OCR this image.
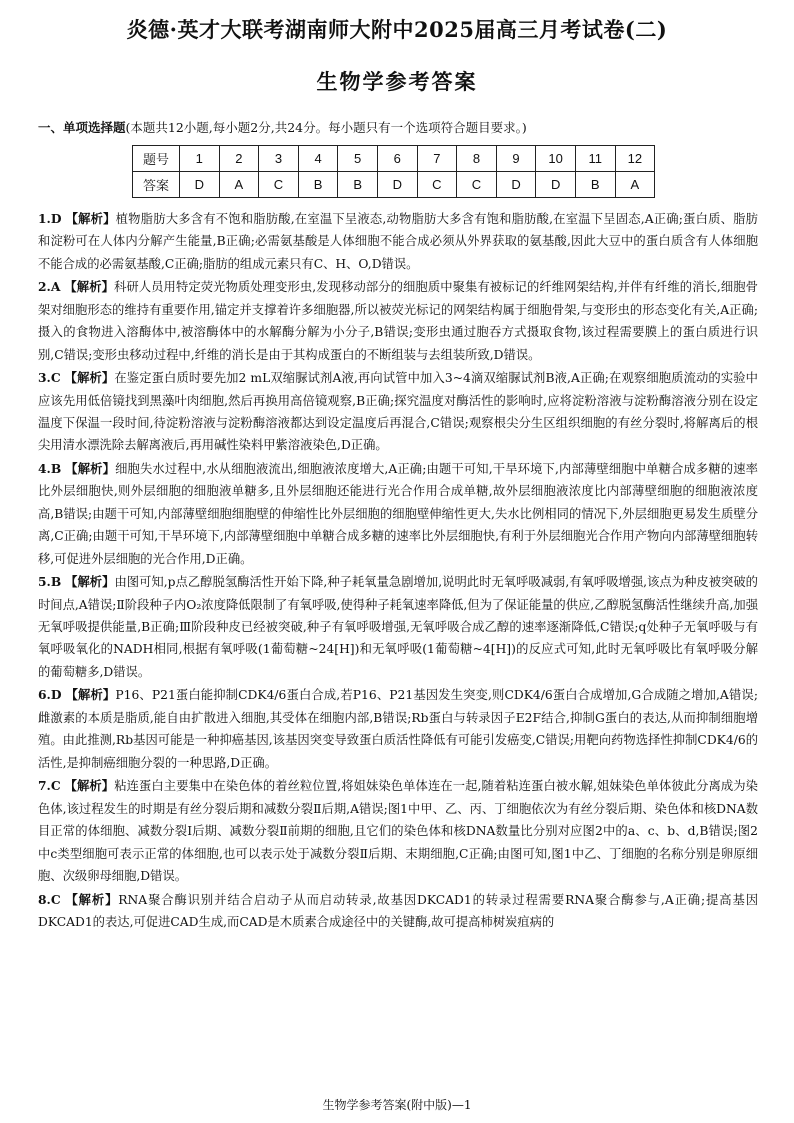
炎德·英才大联考湖南师大附中2025届高三月考试卷(二)
生物学参考答案
一、单项选择题(本题共12小题,每小题2分,共24分。每小题只有一个选项符合题目要求。)
题号	1	2	3	4	5	6	7	8	9	10	11	12
答案	D	A	C	B	B	D	C	C	D	D	B	A

1.D 【解析】植物脂肪大多含有不饱和脂肪酸,在室温下呈液态,动物脂肪大多含有饱和脂肪酸,在室温下呈固态,A正确;蛋白质、脂肪和淀粉可在人体内分解产生能量,B正确;必需氨基酸是人体细胞不能合成必须从外界获取的氨基酸,因此大豆中的蛋白质含有人体细胞不能合成的必需氨基酸,C正确;脂肪的组成元素只有C、H、O,D错误。

2.A 【解析】科研人员用特定荧光物质处理变形虫,发现移动部分的细胞质中聚集有被标记的纤维网架结构,并伴有纤维的消长,细胞骨架对细胞形态的维持有重要作用,锚定并支撑着许多细胞器,所以被荧光标记的网架结构属于细胞骨架,与变形虫的形态变化有关,A正确;摄入的食物进入溶酶体中,被溶酶体中的水解酶分解为小分子,B错误;变形虫通过胞吞方式摄取食物,该过程需要膜上的蛋白质进行识别,C错误;变形虫移动过程中,纤维的消长是由于其构成蛋白的不断组装与去组装所致,D错误。

3.C 【解析】在鉴定蛋白质时要先加2 mL双缩脲试剂A液,再向试管中加入3~4滴双缩脲试剂B液,A正确;在观察细胞质流动的实验中应该先用低倍镜找到黑藻叶肉细胞,然后再换用高倍镜观察,B正确;探究温度对酶活性的影响时,应将淀粉溶液与淀粉酶溶液分别在设定温度下保温一段时间,待淀粉溶液与淀粉酶溶液都达到设定温度后再混合,C错误;观察根尖分生区组织细胞的有丝分裂时,将解离后的根尖用清水漂洗除去解离液后,再用碱性染料甲紫溶液染色,D正确。

4.B 【解析】细胞失水过程中,水从细胞液流出,细胞液浓度增大,A正确;由题干可知,干旱环境下,内部薄壁细胞中单糖合成多糖的速率比外层细胞快,则外层细胞的细胞液单糖多,且外层细胞还能进行光合作用合成单糖,故外层细胞液浓度比内部薄壁细胞的细胞液浓度高,B错误;由题干可知,内部薄壁细胞细胞壁的伸缩性比外层细胞的细胞壁伸缩性更大,失水比例相同的情况下,外层细胞更易发生质壁分离,C正确;由题干可知,干旱环境下,内部薄壁细胞中单糖合成多糖的速率比外层细胞快,有利于外层细胞光合作用产物向内部薄壁细胞转移,可促进外层细胞的光合作用,D正确。

5.B 【解析】由图可知,p点乙醇脱氢酶活性开始下降,种子耗氧量急剧增加,说明此时无氧呼吸减弱,有氧呼吸增强,该点为种皮被突破的时间点,A错误;Ⅱ阶段种子内O₂浓度降低限制了有氧呼吸,使得种子耗氧速率降低,但为了保证能量的供应,乙醇脱氢酶活性继续升高,加强无氧呼吸提供能量,B正确;Ⅲ阶段种皮已经被突破,种子有氧呼吸增强,无氧呼吸合成乙醇的速率逐渐降低,C错误;q处种子无氧呼吸与有氧呼吸氧化的NADH相同,根据有氧呼吸(1葡萄糖~24[H])和无氧呼吸(1葡萄糖~4[H])的反应式可知,此时无氧呼吸比有氧呼吸分解的葡萄糖多,D错误。

6.D 【解析】P16、P21蛋白能抑制CDK4/6蛋白合成,若P16、P21基因发生突变,则CDK4/6蛋白合成增加,G合成随之增加,A错误;雌激素的本质是脂质,能自由扩散进入细胞,其受体在细胞内部,B错误;Rb蛋白与转录因子E2F结合,抑制G蛋白的表达,从而抑制细胞增殖。由此推测,Rb基因可能是一种抑癌基因,该基因突变导致蛋白质活性降低有可能引发癌变,C错误;用靶向药物选择性抑制CDK4/6的活性,是抑制癌细胞分裂的一种思路,D正确。

7.C 【解析】粘连蛋白主要集中在染色体的着丝粒位置,将姐妹染色单体连在一起,随着粘连蛋白被水解,姐妹染色单体彼此分离成为染色体,该过程发生的时期是有丝分裂后期和减数分裂Ⅱ后期,A错误;图1中甲、乙、丙、丁细胞依次为有丝分裂后期、染色体和核DNA数目正常的体细胞、减数分裂Ⅰ后期、减数分裂Ⅱ前期的细胞,且它们的染色体和核DNA数量比分别对应图2中的a、c、b、d,B错误;图2中c类型细胞可表示正常的体细胞,也可以表示处于减数分裂Ⅱ后期、末期细胞,C正确;由图可知,图1中乙、丁细胞的名称分别是卵原细胞、次级卵母细胞,D错误。

8.C 【解析】RNA聚合酶识别并结合启动子从而启动转录,故基因DKCAD1的转录过程需要RNA聚合酶参与,A正确;提高基因DKCAD1的表达,可促进CAD生成,而CAD是木质素合成途径中的关键酶,故可提高柿树炭疽病的

生物学参考答案(附中版)—1
